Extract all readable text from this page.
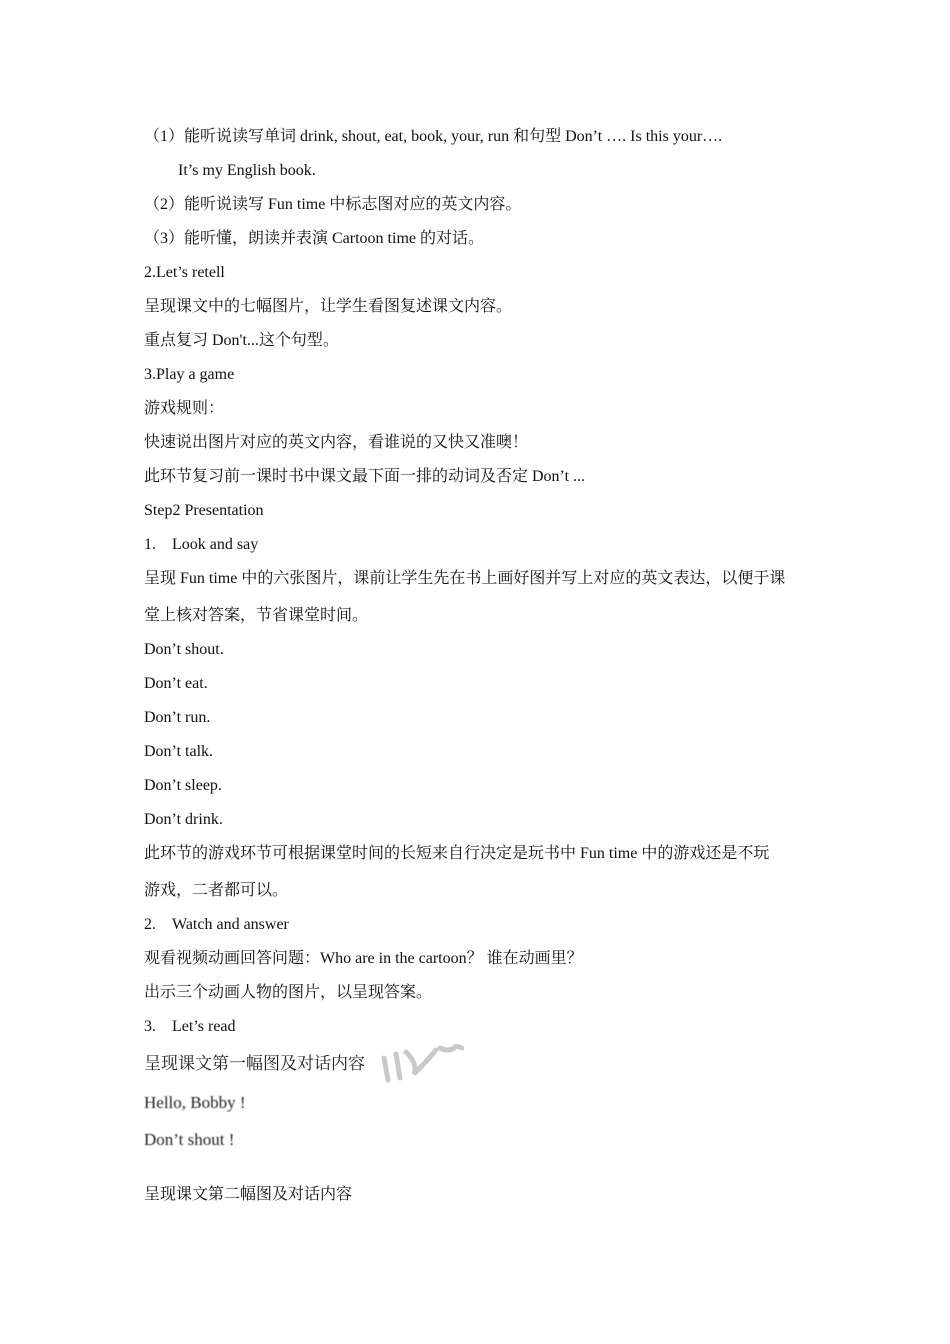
（1）能听说读写单词 drink, shout, eat, book, your, run 和句型 Don’t …. Is this your….
It’s my English book.
（2）能听说读写 Fun time 中标志图对应的英文内容。
（3）能听懂，朗读并表演 Cartoon time 的对话。
2.Let’s retell
呈现课文中的七幅图片，让学生看图复述课文内容。
重点复习 Don't...这个句型。
3.Play a game
游戏规则：
快速说出图片对应的英文内容，看谁说的又快又准噢！
此环节复习前一课时书中课文最下面一排的动词及否定 Don’t ...
Step2 Presentation
1. Look and say
呈现 Fun time 中的六张图片，课前让学生先在书上画好图并写上对应的英文表达，以便于课
堂上核对答案，节省课堂时间。
Don’t shout.
Don’t eat.
Don’t run.
Don’t talk.
Don’t sleep.
Don’t drink.
此环节的游戏环节可根据课堂时间的长短来自行决定是玩书中 Fun time 中的游戏还是不玩
游戏，二者都可以。
2. Watch and answer
观看视频动画回答问题：Who are in the cartoon？ 谁在动画里？
出示三个动画人物的图片，以呈现答案。
3. Let’s read
呈现课文第一幅图及对话内容
Hello, Bobby !
Don’t shout !
呈现课文第二幅图及对话内容
